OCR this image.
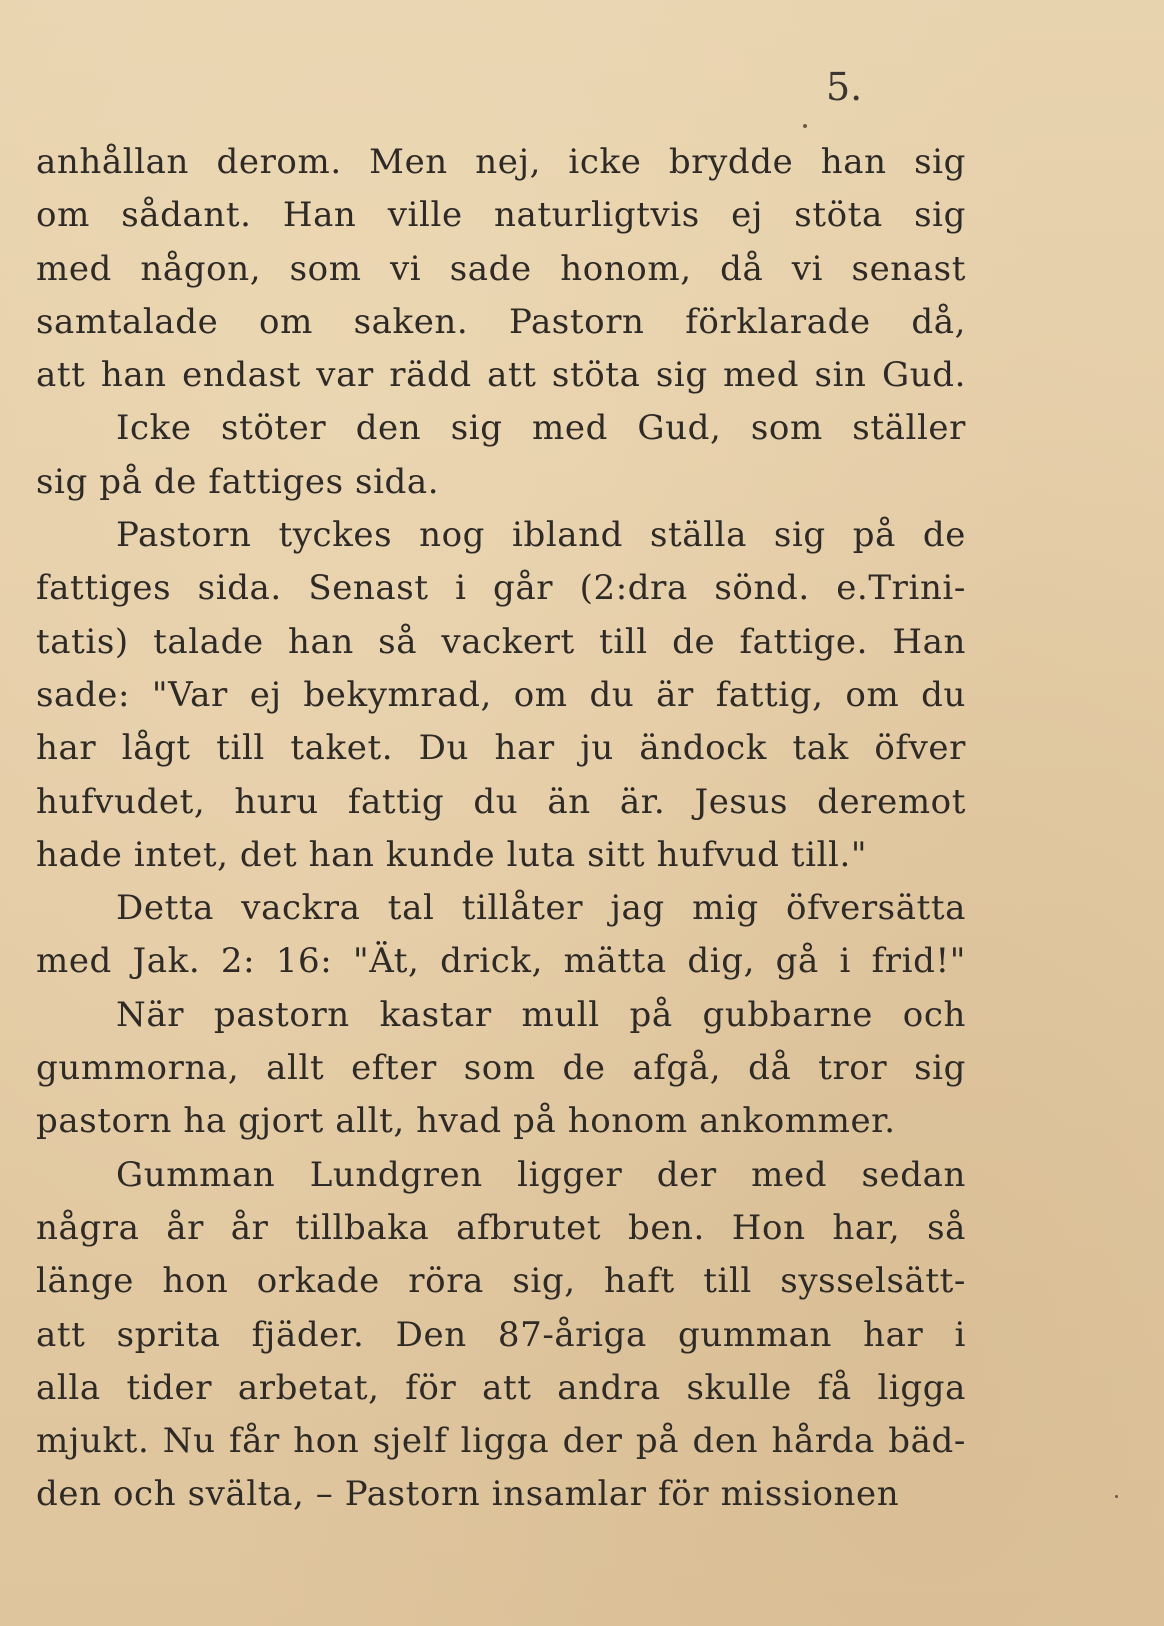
5.
anhållan derom. Men nej, icke brydde han sig
om sådant. Han ville naturligtvis ej stöta sig
med någon, som vi sade honom, då vi senast
samtalade om saken. Pastorn förklarade då,
att han endast var rädd att stöta sig med sin Gud.
Icke stöter den sig med Gud, som ställer
sig på de fattiges sida.
Pastorn tyckes nog ibland ställa sig på de
fattiges sida. Senast i går (2:dra sönd. e.Trini-
tatis) talade han så vackert till de fattige. Han
sade: "Var ej bekymrad, om du är fattig, om du
har lågt till taket. Du har ju ändock tak öfver
hufvudet, huru fattig du än är. Jesus deremot
hade intet, det han kunde luta sitt hufvud till."
Detta vackra tal tillåter jag mig öfversätta
med Jak. 2: 16: "Ät, drick, mätta dig, gå i frid!"
När pastorn kastar mull på gubbarne och
gummorna, allt efter som de afgå, då tror sig
pastorn ha gjort allt, hvad på honom ankommer.
Gumman Lundgren ligger der med sedan
några år år tillbaka afbrutet ben. Hon har, så
länge hon orkade röra sig, haft till sysselsätt-
att sprita fjäder. Den 87-åriga gumman har i
alla tider arbetat, för att andra skulle få ligga
mjukt. Nu får hon sjelf ligga der på den hårda bäd-
den och svälta, – Pastorn insamlar för missionen
